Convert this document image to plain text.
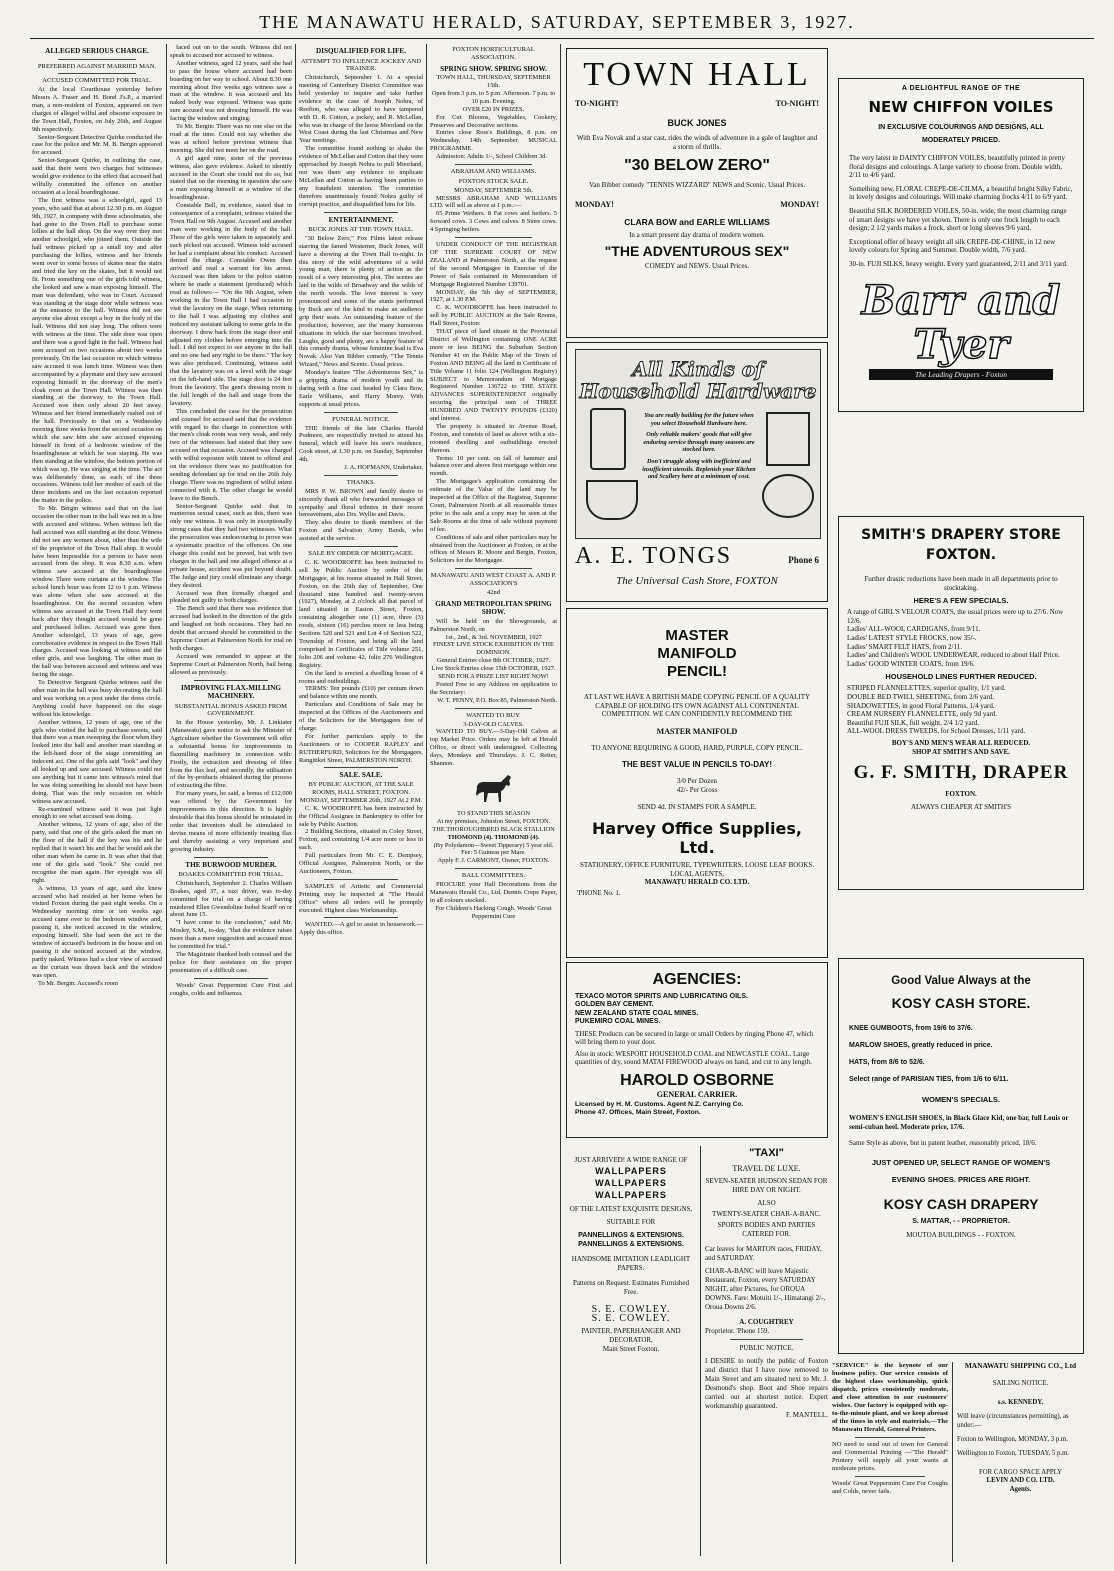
THE MANAWATU HERALD, SATURDAY, SEPTEMBER 3, 1927.
ALLEGED SERIOUS CHARGE.
PREFERRED AGAINST MARRIED MAN.
ACCUSED COMMITTED FOR TRIAL.

At the local Courthouse yesterday before Messrs A. Fraser and H. Bond J's.P., a married man, a non-resident of Foxton, appeared on two charges of alleged wilful and obscene exposure in the Town Hall, Foxton, on July 26th, and August 9th respectively.

Senior-Sergeant Detective Quirke conducted the case for the police and Mr. M. B. Bergin appeared for accused.

Senior-Sergeant Quirke, in outlining the case, said that there were two charges but witnesses would give evidence to the effect that accused had wilfully committed the offence on another occasion at a local boardinghouse.

The first witness was a schoolgirl, aged 13 years, who said that at about 12.30 p.m. on August 9th, 1927, in company with three schoolmates, she had gone to the Town Hall to purchase some lollies at the hall shop. On the way over they met another schoolgirl, who joined them. Outside the hall witness picked up a small toy and after purchasing the lollies, witness and her friends went over to some boxes of skates near the stairs and tried the key on the skates, but it would not fit. From something one of the girls told witness, she looked and saw a man exposing himself. The man was defendant, who was in Court. Accused was standing at the stage door while witness was at the entrance to the hall. Witness did not see anyone else about except a boy in the body of the hall. Witness did not stay long. The others were with witness at the time. The side door was open and there was a good light in the hall. Witness had seen accused on two occasions about two weeks previously. On the last occasion on which witness saw accused it was lunch time. Witness was then accompanied by a playmate and they saw accused exposing himself in the doorway of the men's cloak room at the Town Hall. Witness was then standing at the doorway to the Town Hall. Accused was then only about 20 feet away. Witness and her friend immediately rushed out of the hall. Previously to that on a Wednesday morning three weeks from the second occasion on which she saw him she saw accused exposing himself in front of a bedroom window of the boardinghouse at which he was staying. He was then standing at the window, the bottom portion of which was up. He was singing at the time. The act was deliberately done, as each of the three occasions. Witness told her mother of each of the three incidents and on the last occasion reported the matter to the police.

To Mr. Bergin witness said that on the last occasion the other man in the hall was not in a line with accused and witness. When witness left the hall accused was still standing at the door. Witness did not see any women about, other than the wife of the proprietor of the Town Hall shop. It would have been impossible for a person to have seen accused from the shop. It was 8.30 a.m. when witness saw accused at the boardinghouse window. There were curtains at the window. The school lunch hour was from 12 to 1 p.m. Witness was alone when she saw accused at the boardinghouse. On the second occasion when witness saw accused at the Town Hall they went back after they thought accused would be gone and purchased lollies. Accused was gone then. Another schoolgirl, 13 years of age, gave corroborative evidence in respect to the Town Hall charges. Accused was looking at witness and the other girls, and was laughing. The other man in the hall was between accused and witness and was facing the stage.

To Detective Sergeant Quirke witness said the other man in the hall was busy decorating the hall and was working on a post under the dress circle. Anything could have happened on the stage without his knowledge.

Another witness, 12 years of age, one of the girls who visited the hall to purchase sweets, said that there was a man sweeping the floor when they looked into the hall and another man standing at the left-hand door of the stage committing an indecent act. One of the girls said "look" and they all looked up and saw accused. Witness could not see anything but it came into witness's mind that he was doing something he should not have been doing. That was the only occasion on which witness saw accused.

Re-examined witness said it was just light enough to see what accused was doing.

Another witness, 12 years of age, also of the party, said that one of the girls asked the man on the floor of the hall if the key was his and he replied that it wasn't his and that he would ask the other man when he came in. It was after that that one of the girls said "look." She could not recognise the man again. Her eyesight was all right.

A witness, 13 years of age, said she knew accused who had resided at her home when he visited Foxton during the past eight weeks. On a Wednesday morning nine or ten weeks ago accused came over to the bedroom window and, passing it, she noticed accused in the window, exposing himself. She had seen the act in the window of accused's bedroom in the house and on passing it she noticed accused at the window, partly naked. Witness had a clear view of accused as the curtain was drawn back and the window was open.

To Mr. Bergin: Accused's room

faced out on to the south. Witness did not speak to accused nor accused to witness.

Another witness, aged 12 years, said she had to pass the house where accused had been boarding on her way to school. About 8.30 one morning about five weeks ago witness saw a man at the window. It was accused and his naked body was exposed. Witness was quite sure accused was not dressing himself. He was facing the window and singing.

To Mr. Bergin: There was no one else on the road at the time. Could not say whether she was at school before previous witness that morning. She did not meet her on the road.

A girl aged nine, sister of the previous witness, also gave evidence. Asked to identify accused in the Court she could not do so, but stated that on the morning in question she saw a man exposing himself at a window of the boardinghouse.

Constable Bell, in evidence, stated that in consequence of a complaint, witness visited the Town Hall on 9th August. Accused and another man were working in the body of the hall. Three of the girls were taken in separately and each picked out accused. Witness told accused he had a complaint about his conduct. Accused denied the charge. Constable Owen then arrived and read a warrant for his arrest. Accused was then taken to the police station where he made a statement (produced) which read as follows:— "On the 9th August, when working in the Town Hall I had occasion to visit the lavatory on the stage. When returning to the hall I was adjusting my clothes and noticed my assistant talking to some girls in the doorway. I drew back from the stage door and adjusted my clothes before emerging into the hall. I did not expect to see anyone in the hall and no one had any right to be there." The key was also produced. Continuing, witness said that the lavatory was on a level with the stage on the left-hand side. The stage door is 24 feet from the lavatory. The gent's dressing room is the full length of the hall and stage from the lavatory.

This concluded the case for the prosecution and counsel for accused said that the evidence with regard to the charge in connection with the men's cloak room was very weak, and only two of the witnesses had stated that they saw accused on that occasion. Accused was charged with wilful exposure with intent to offend and on the evidence there was no justification for sending defendant up for trial on the 26th July charge. There was no ingredient of wilful intent connected with it. The other charge he would leave to the Bench.

Senior-Sergeant Quirke said that in numerous sexual cases, such as this, there was only one witness. It was only in exceptionally strong cases that they had two witnesses. What the prosecution was endeavouring to prove was a systematic practice of the offences. On one charge this could not be proved, but with two charges in the hall and one alleged offence at a private house, accident was put beyond doubt. The Judge and jury could eliminate any charge they desired.

Accused was then formally charged and pleaded not guilty to both charges.

The Bench said that there was evidence that accused had looked in the direction of the girls and laughed on both occasions. They had no doubt that accused should be committed to the Supreme Court at Palmerston North for trial on both charges.

Accused was remanded to appear at the Supreme Court at Palmerston North, bail being allowed as previously.

IMPROVING FLAX-MILLING MACHINERY.
SUBSTANTIAL BONUS ASKED FROM GOVERNMENT.

In the House yesterday, Mr. J. Linkiater (Manawatu) gave notice to ask the Minister of Agriculture whether the Government will offer a substantial bonus for improvements in flaxmilling machinery in connection with: Firstly, the extraction and dressing of fibre from the flax leaf, and secondly, the utilisation of the by-products obtained during the process of extracting the fibre.

For many years, he said, a bonus of £12,000 was offered by the Government for improvements in this direction. It is highly desirable that this bonus should be reinstated in order that inventors shall be stimulated to devise means of more efficiently treating flax and thereby assisting a very important and growing industry.

THE BURWOOD MURDER.
BOAKES COMMITTED FOR TRIAL.

Christchurch, September 2. Charles William Boakes, aged 37, a taxi driver, was to-day committed for trial on a charge of having murdered Ellen Gwendoline Isobel Scarff on or about June 15.

"I have come to the conclusion," said Mr. Mosley, S.M., to-day, "that the evidence raises more than a mere suggestion and accused must be committed for trial."

The Magistrate thanked both counsel and the police for their assistance on the proper presentation of a difficult case.

Woods' Great Peppermint Cure First aid coughs, colds and influenza.

DISQUALIFIED FOR LIFE.
ATTEMPT TO INFLUENCE JOCKEY AND TRAINER.

Christchurch, September 1. At a special meeting of Canterbury District Committee was held yesterday to inquire and take further evidence in the case of Joseph Nohra, of Reefton, who was alleged to have tampered with D. R. Cotton, a jockey, and R. McLellan, who was in charge of the horse Moorland on the West Coast during the last Christmas and New Year meetings.

The committee found nothing to shake the evidence of McLellan and Cotton that they were approached by Joseph Nohra to pull Moorland, nor was there any evidence to implicate McLellan and Cotton as having been parties to any fraudulent intention. The committee therefore unanimously found Nohra guilty of corrupt practice, and disqualified him for life.

ENTERTAINMENT.
BUCK JONES AT THE TOWN HALL.

"30 Below Zero," Fox Films latest release starring the famed Westerner, Buck Jones, will have a showing at the Town Hall to-night. In this story of the wild adventures of a wild young man, there is plenty of action as the result of a very interesting plot. The scenes are laid in the wilds of Broadway and the wilds of the north woods. The love interest is very pronounced and some of the stunts performed by Buck are of the kind to make an audience grip their seats. An outstanding feature of the production, however, are the many humorous situations in which the star becomes involved. Laughs, good and plenty, are a happy feature of this comedy drama, whose feminine lead is Eva Novak. Also Van Bibber comedy, "The Tennis Wizard," News and Scenic. Usual prices.

Monday's feature "The Adventurous Sex," is a gripping drama of modern youth and its daring with a fine cast headed by Clara Bow, Earle Williams, and Harry Morey. With supports at usual prices.

FUNERAL NOTICE.

THE friends of the late Charles Harold Podmore, are respectfully invited to attend his funeral, which will leave his son's residence, Cook street, at 1.30 p.m. on Sunday, September 4th.

J. A. HOFMANN, Undertaker.

THANKS.

MRS P. W. BROWN and family desire to sincerely thank all who forwarded messages of sympathy and floral tributes in their recent bereavement, also Drs. Wyllie and Davis.

They also desire to thank members of the Foxton and Salvation Army Bands, who assisted at the service.

SALE BY ORDER OF MORTGAGEE.

C. K. WOODROFFE has been instructed to sell by Public Auction by order of the Mortgagee, at his rooms situated in Hall Street, Foxton, on the 26th day of September, One thousand nine hundred and twenty-seven (1927), Monday, at 2 o'clock all that parcel of land situated in Easton Street, Foxton, containing altogether one (1) acre, three (3) roods, sixteen (16) perches more or less being Sections 520 and 521 and Lot 4 of Section 522, Township of Foxton, and being all the land comprised in Certificates of Title volume 251, folio 206 and volume 42, folio 276 Wellington Registry.

On the land is erected a dwelling house of 4 rooms and outbuildings.

TERMS: Ten pounds (£10) per centum down and balance within one month.

Particulars and Conditions of Sale may be inspected at the Offices of the Auctioneers and of the Solicitors for the Mortgagees free of charge.

For further particulars apply to the Auctioneers or to COOPER RAPLEY and RUTHERFURD, Solicitors for the Mortgagees, Rangitikei Street, PALMERSTON NORTH.

SALE. SALE.

BY PUBLIC AUCTION, AT THE SALE ROOMS, HALL STREET, FOXTON.

MONDAY, SEPTEMBER 26th, 1927 At 2 P.M.

C. K. WOODROFFE has been instructed by the Official Assignee in Bankruptcy to offer for sale by Public Auction.

2 Building Sections, situated in Coley Street, Foxton, and containing 1/4 acre more or less in each.

Full particulars from Mr. C. E. Dempsey, Official Assignee, Palmerston North, or the Auctioneers, Foxton.

SAMPLES of Artistic and Commercial Printing may be inspected at "The Herald Office" where all orders will be promptly executed. Highest class Workmanship.

WANTED.—A girl to assist in housework.—Apply this office.

FOXTON HORTICULTURAL ASSOCIATION.
SPRING SHOW. SPRING SHOW.

TOWN HALL, THURSDAY, SEPTEMBER 15th.

Open from 3 p.m. to 5 p.m. Afternoon. 7 p.m. to 10 p.m. Evening.

OVER £20 IN PRIZES.

For Cut Blooms, Vegetables, Cookery, Preserves and Decorative sections.

Entries close Ross's Buildings, 8 p.m. on Wednesday, 14th September. MUSICAL PROGRAMME.

Admission: Adults 1/-, School Children 3d.

ABRAHAM AND WILLIAMS.
FOXTON STOCK SALE.

MONDAY, SEPTEMBER 5th.

MESSRS ABRAHAM AND WILLIAMS LTD. will sell as above at 1 p.m.:—

65 Prime Wethers. 8 Fat cows and heifers. 5 forward cows. 3 Cows and calves. 8 Store cows. 4 Springing heifers.

UNDER CONDUCT OF THE REGISTRAR OF THE SUPREME COURT OF NEW ZEALAND at Palmerston North, at the request of the second Mortgagee in Exercise of the Power of Sale contained in Memorandum of Mortgage Registered Number 139701.

MONDAY, the 5th day of SEPTEMBER, 1927, at 1.30 P.M.

C. K. WOODROFFE has been instructed to sell by PUBLIC AUCTION at the Sale Rooms, Hall Street, Foxton:

THAT piece of land situate in the Provincial District of Wellington containing ONE ACRE more or less BEING the Suburban Section Number 41 on the Public Map of the Town of Foxton AND BEING all the land in Certificate of Title Volume 11 folio 124 (Wellington Registry) SUBJECT to Memorandum of Mortgage Registered Number 136722 to THE STATE ADVANCES SUPERINTENDENT originally securing the principal sum of THREE HUNDRED AND TWENTY POUNDS (£320) and interest.

The property is situated in Avenue Road, Foxton, and consists of land as above with a six-roomed dwelling and outbuildings erected thereon.

Terms: 10 per cent. on fall of hammer and balance over and above first mortgage within one month.

The Mortgagee's application containing the estimate of the Value of the land may be inspected at the Office of the Registrar, Supreme Court, Palmerston North at all reasonable times prior to the sale and a copy may be seen at the Sale Rooms at the time of sale without payment of fee.

Conditions of sale and other particulars may be obtained from the Auctioneer at Foxton, or at the offices of Messrs R. Moore and Bergin, Foxton, Solicitors for the Mortgagee.

MANAWATU AND WEST COAST A. AND P. ASSOCIATION'S

42nd

GRAND METROPOLITAN SPRING SHOW.

Will be held on the Showgrounds, at Palmerston North, on

1st., 2nd., & 3rd. NOVEMBER, 1927

FINEST LIVE STOCK EXHIBITION IN THE DOMINION.

General Entries close 8th OCTOBER, 1927.

Live Stock Entries close 15th OCTOBER, 1927.

SEND FOR A PRIZE LIST RIGHT NOW!

Posted Free to any Address on application to the Secretary:

W. T. PENNY, P.O. Box 85, Palmerston North.

WANTED TO BUY.

3-DAY-OLD CALVES.

WANTED TO BUY.—3-Day-Old Calves at top Market Price. Orders may be left at Herald Office, or direct with undersigned. Collecting days, Mondays and Thursdays. J. C. Retter, Shannon.

TO STAND THIS SEASON

At my premises, Johnston Street, FOXTON.

THE THOROUGHBRED BLACK STALLION

THOMOND (4). THOMOND (4).

(By Polydamon—Sweet Tipperary) 5 year old.

Fee: 5 Guineas per Mare.

Apply F. J. CARMONT, Owner, FOXTON.

BALL COMMITTEES.

PROCURE your Hall Decorations from the Manawatu Herald Co., Ltd. Dennis Crepe Paper, in all colours stocked.

For Children's Hacking Cough. Woods' Great Peppermint Cure

TOWN HALL
TO-NIGHT!	TO-NIGHT!
BUCK JONES
With Eva Novak and a star cast, rides the winds of adventure in a gale of laughter and a storm of thrills.
"30 BELOW ZERO"
Van Bibber comedy "TENNIS WIZZARD" NEWS and Scenic. Usual Prices.
MONDAY!	MONDAY!
CLARA BOW and EARLE WILLIAMS
In a smart present day drama of modern women.
"THE ADVENTUROUS SEX"
COMEDY and NEWS. Usual Prices.
All Kinds of Household Hardware
You are really building for the future when you select Household Hardware here.
Only reliable makers' goods that will give enduring service through many seasons are stocked here.
Don't struggle along with inefficient and insufficient utensils. Replenish your Kitchen and Scullery here at a minimum of cost.
A. E. TONGS	Phone 6
The Universal Cash Store, FOXTON
MASTER MANIFOLD PENCIL!
AT LAST WE HAVE A BRITISH MADE COPYING PENCIL OF A QUALITY CAPABLE OF HOLDING ITS OWN AGAINST ALL CONTINENTAL COMPETITION. WE CAN CONFIDENTLY RECOMMEND THE
MASTER MANIFOLD
TO ANYONE REQUIRING A GOOD, HARD, PURPLE, COPY PENCIL.
THE BEST VALUE IN PENCILS TO-DAY!
3/0 Per Dozen
42/- Per Gross
SEND 4d. IN STAMPS FOR A SAMPLE.
Harvey Office Supplies, Ltd.
STATIONERY, OFFICE FURNITURE, TYPEWRITERS, LOOSE LEAF BOOKS.
LOCAL AGENTS,
MANAWATU HERALD CO. LTD.
'PHONE No. 1.
AGENCIES:
TEXACO MOTOR SPIRITS AND LUBRICATING OILS.
GOLDEN BAY CEMENT.
NEW ZEALAND STATE COAL MINES.
PUKEMIRO COAL MINES.
THESE Products can be secured in large or small Orders by ringing Phone 47, which will bring them to your door.
Also in stock: WESPORT HOUSEHOLD COAL and NEWCASTLE COAL. Large quantities of dry, sound MATAI FIREWOOD always on hand, and cut to any length.
HAROLD OSBORNE
GENERAL CARRIER.
Licensed by H. M. Customs. Agent N.Z. Carrying Co.
Phone 47. Offices, Main Street, Foxton.
JUST ARRIVED! A WIDE RANGE OF
WALLPAPERS
WALLPAPERS
WALLPAPERS
OF THE LATEST EXQUISITE DESIGNS,
SUITABLE FOR
PANNELLINGS & EXTENSIONS.
PANNELLINGS & EXTENSIONS.
HANDSOME IMITATION LEADLIGHT PAPERS.
Patterns on Request. Estimates Furnished Free.
S. E. COWLEY.
S. E. COWLEY.
PAINTER, PAPERHANGER AND DECORATOR,
Main Street Foxton.
"TAXI"
TRAVEL DE LUXE.
SEVEN-SEATER HUDSON SEDAN FOR HIRE DAY OR NIGHT.
ALSO
TWENTY-SEATER CHAR-A-BANC.
SPORTS BODIES AND PARTIES CATERED FOR.
Car leaves for MARTON races, FRIDAY, and SATURDAY.
CHAR-A-BANC will leave Majestic Restaurant, Foxton, every SATURDAY NIGHT, after Pictures, for OROUA DOWNS. Fare: Motuiti 1/-, Himatangi 2/-, Oroua Downs 2/6.
A. COUGHTREY
Proprietor. 'Phone 159.
PUBLIC NOTICE.
I DESIRE to notify the public of Foxton and district that I have now removed to Main Street and am situated next to Mr. J. Desmond's shop. Boot and Shoe repairs carried out at shortest notice. Expert workmanship guaranteed.
F. MANTELL.
A DELIGHTFUL RANGE OF THE
NEW CHIFFON VOILES
IN EXCLUSIVE COLOURINGS AND DESIGNS, ALL
MODERATELY PRICED.
The very latest in DAINTY CHIFFON VOILES, beautifully printed in pretty floral designs and colourings. A large variety to choose from. Double width, 2/11 to 4/6 yard.
Something new, FLORAL CREPE-DE-CILMA, a beautiful bright Silky Fabric, in lovely designs and colourings. Will make charming frocks 4/11 to 6/9 yard.
Beautiful SILK BORDERED VOILES, 50-in. wide, the most charming range of smart designs we have yet shown. There is only one frock length to each design; 2 1/2 yards makes a frock, short or long sleeves 9/6 yard.
Exceptional offer of heavy weight all silk CREPE-DE-CHINE, in 12 new lovely colours for Spring and Summer. Double width, 7/6 yard.
30-in. FUJI SILKS, heavy weight. Every yard guaranteed, 2/11 and 3/11 yard.
Barr and Tyer
The Leading Drapers - Foxton
SMITH'S DRAPERY STORE
FOXTON.
Further drastic reductions have been made in all departments prior to stocktaking.
HERE'S A FEW SPECIALS.
A range of GIRL'S VELOUR COATS, the usual prices were up to 27/6. Now 12/6.
Ladies' ALL-WOOL CARDIGANS, from 9/11.
Ladies' LATEST STYLE FROCKS, now 35/-.
Ladies' SMART FELT HATS, from 2/11.
Ladies' and Children's WOOL UNDERWEAR, reduced to about Half Price.
Ladies' GOOD WINTER COATS, from 19/6.
HOUSEHOLD LINES FURTHER REDUCED.
STRIPED FLANNELETTES, superior quality, 1/1 yard.
DOUBLE BED TWILL SHEETING, from 2/6 yard.
SHADOWETTES, in good Floral Patterns, 1/4 yard.
CREAM NURSERY FLANNELETTE, only 9d yard.
Beautiful FUJI SILK, full weight, 2/4 1/2 yard.
ALL-WOOL DRESS TWEEDS, for School Dresses, 1/11 yard.
BOY'S AND MEN'S WEAR ALL REDUCED.
SHOP AT SMITH'S AND SAVE.
G. F. SMITH, DRAPER
FOXTON.
ALWAYS CHEAPER AT SMITH'S
Good Value Always at the
KOSY CASH STORE.
KNEE GUMBOOTS, from 19/6 to 37/6.
MARLOW SHOES, greatly reduced in price.
HATS, from 8/6 to 52/6.
Select range of PARISIAN TIES, from 1/6 to 6/11.
WOMEN'S SPECIALS.
WOMEN'S ENGLISH SHOES, in Black Glace Kid, one bar, full Louis or semi-cuban heel. Moderate price, 17/6.
Same Style as above, but in patent leather, reasonably priced, 18/6.
JUST OPENED UP, SELECT RANGE OF WOMEN'S
EVENING SHOES. PRICES ARE RIGHT.
KOSY CASH DRAPERY
S. MATTAR, - - PROPRIETOR.
MOUTOA BUILDINGS - - FOXTON.
"SERVICE" is the keynote of our business policy. Our service consists of the highest class workmanship, quick dispatch, prices consistently moderate, and close attention to our customers' wishes. Our factory is equipped with up-to-the-minute plant, and we keep abreast of the times in style and materials.—The Manawatu Herald, General Printers.
NO need to send out of town for General and Commercial Printing —"The Herald" Printery will supply all your wants at moderate prices.
Woods' Great Peppermint Cure For Coughs and Colds, never fails.
MANAWATU SHIPPING CO., Ltd
SAILING NOTICE.
s.s. KENNEDY.
Will leave (circumstances permitting), as under:—
Foxton to Wellington, MONDAY, 3 p.m.
Wellington to Foxton, TUESDAY, 5 p.m.
FOR CARGO SPACE APPLY
LEVIN AND CO. LTD.
Agents.
